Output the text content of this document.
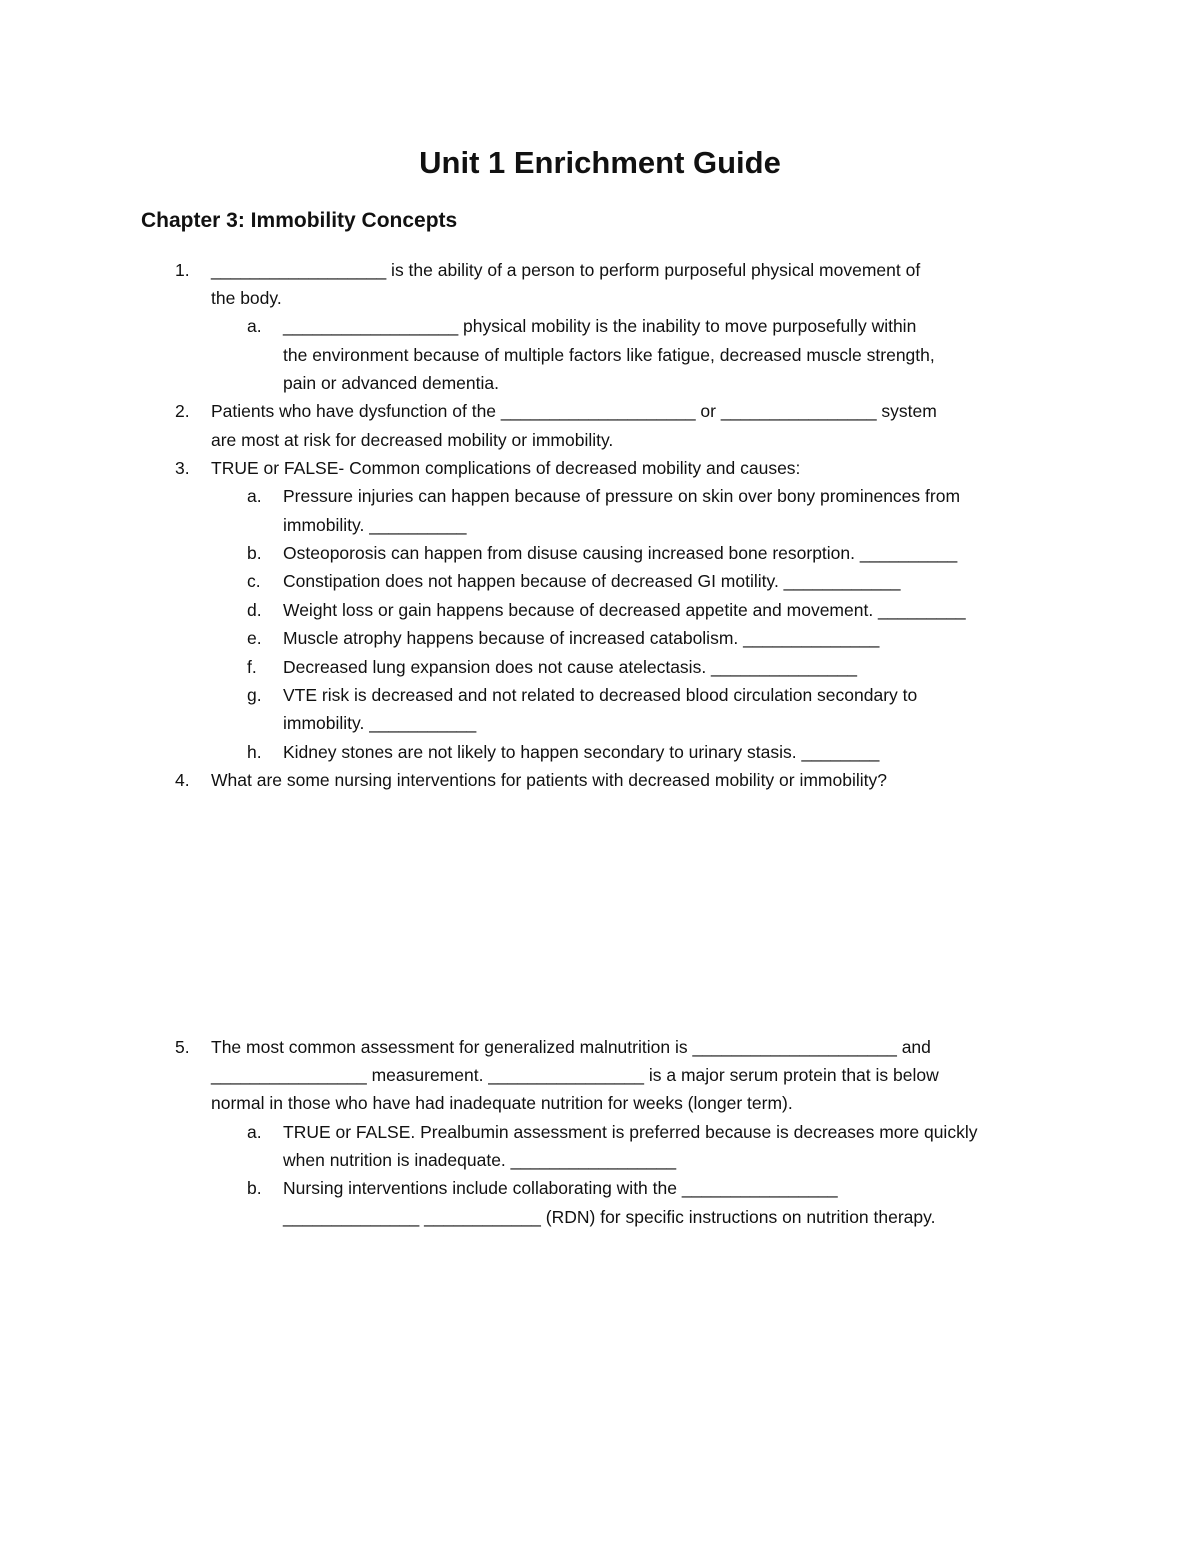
Unit 1 Enrichment Guide
Chapter 3: Immobility Concepts
1. __________________ is the ability of a person to perform purposeful physical movement of
the body.
a. __________________ physical mobility is the inability to move purposefully within
the environment because of multiple factors like fatigue, decreased muscle strength,
pain or advanced dementia.
2. Patients who have dysfunction of the ____________________ or ________________ system
are most at risk for decreased mobility or immobility.
3. TRUE or FALSE- Common complications of decreased mobility and causes:
a. Pressure injuries can happen because of pressure on skin over bony prominences from
immobility. __________
b. Osteoporosis can happen from disuse causing increased bone resorption. __________
c. Constipation does not happen because of decreased GI motility. ____________
d. Weight loss or gain happens because of decreased appetite and movement. _________
e. Muscle atrophy happens because of increased catabolism. ______________
f. Decreased lung expansion does not cause atelectasis. _______________
g. VTE risk is decreased and not related to decreased blood circulation secondary to
immobility. ___________
h. Kidney stones are not likely to happen secondary to urinary stasis. ________
4. What are some nursing interventions for patients with decreased mobility or immobility?
5. The most common assessment for generalized malnutrition is _____________________ and
________________ measurement. ________________ is a major serum protein that is below
normal in those who have had inadequate nutrition for weeks (longer term).
a. TRUE or FALSE. Prealbumin assessment is preferred because is decreases more quickly
when nutrition is inadequate. _________________
b. Nursing interventions include collaborating with the ________________
______________ ____________ (RDN) for specific instructions on nutrition therapy.
